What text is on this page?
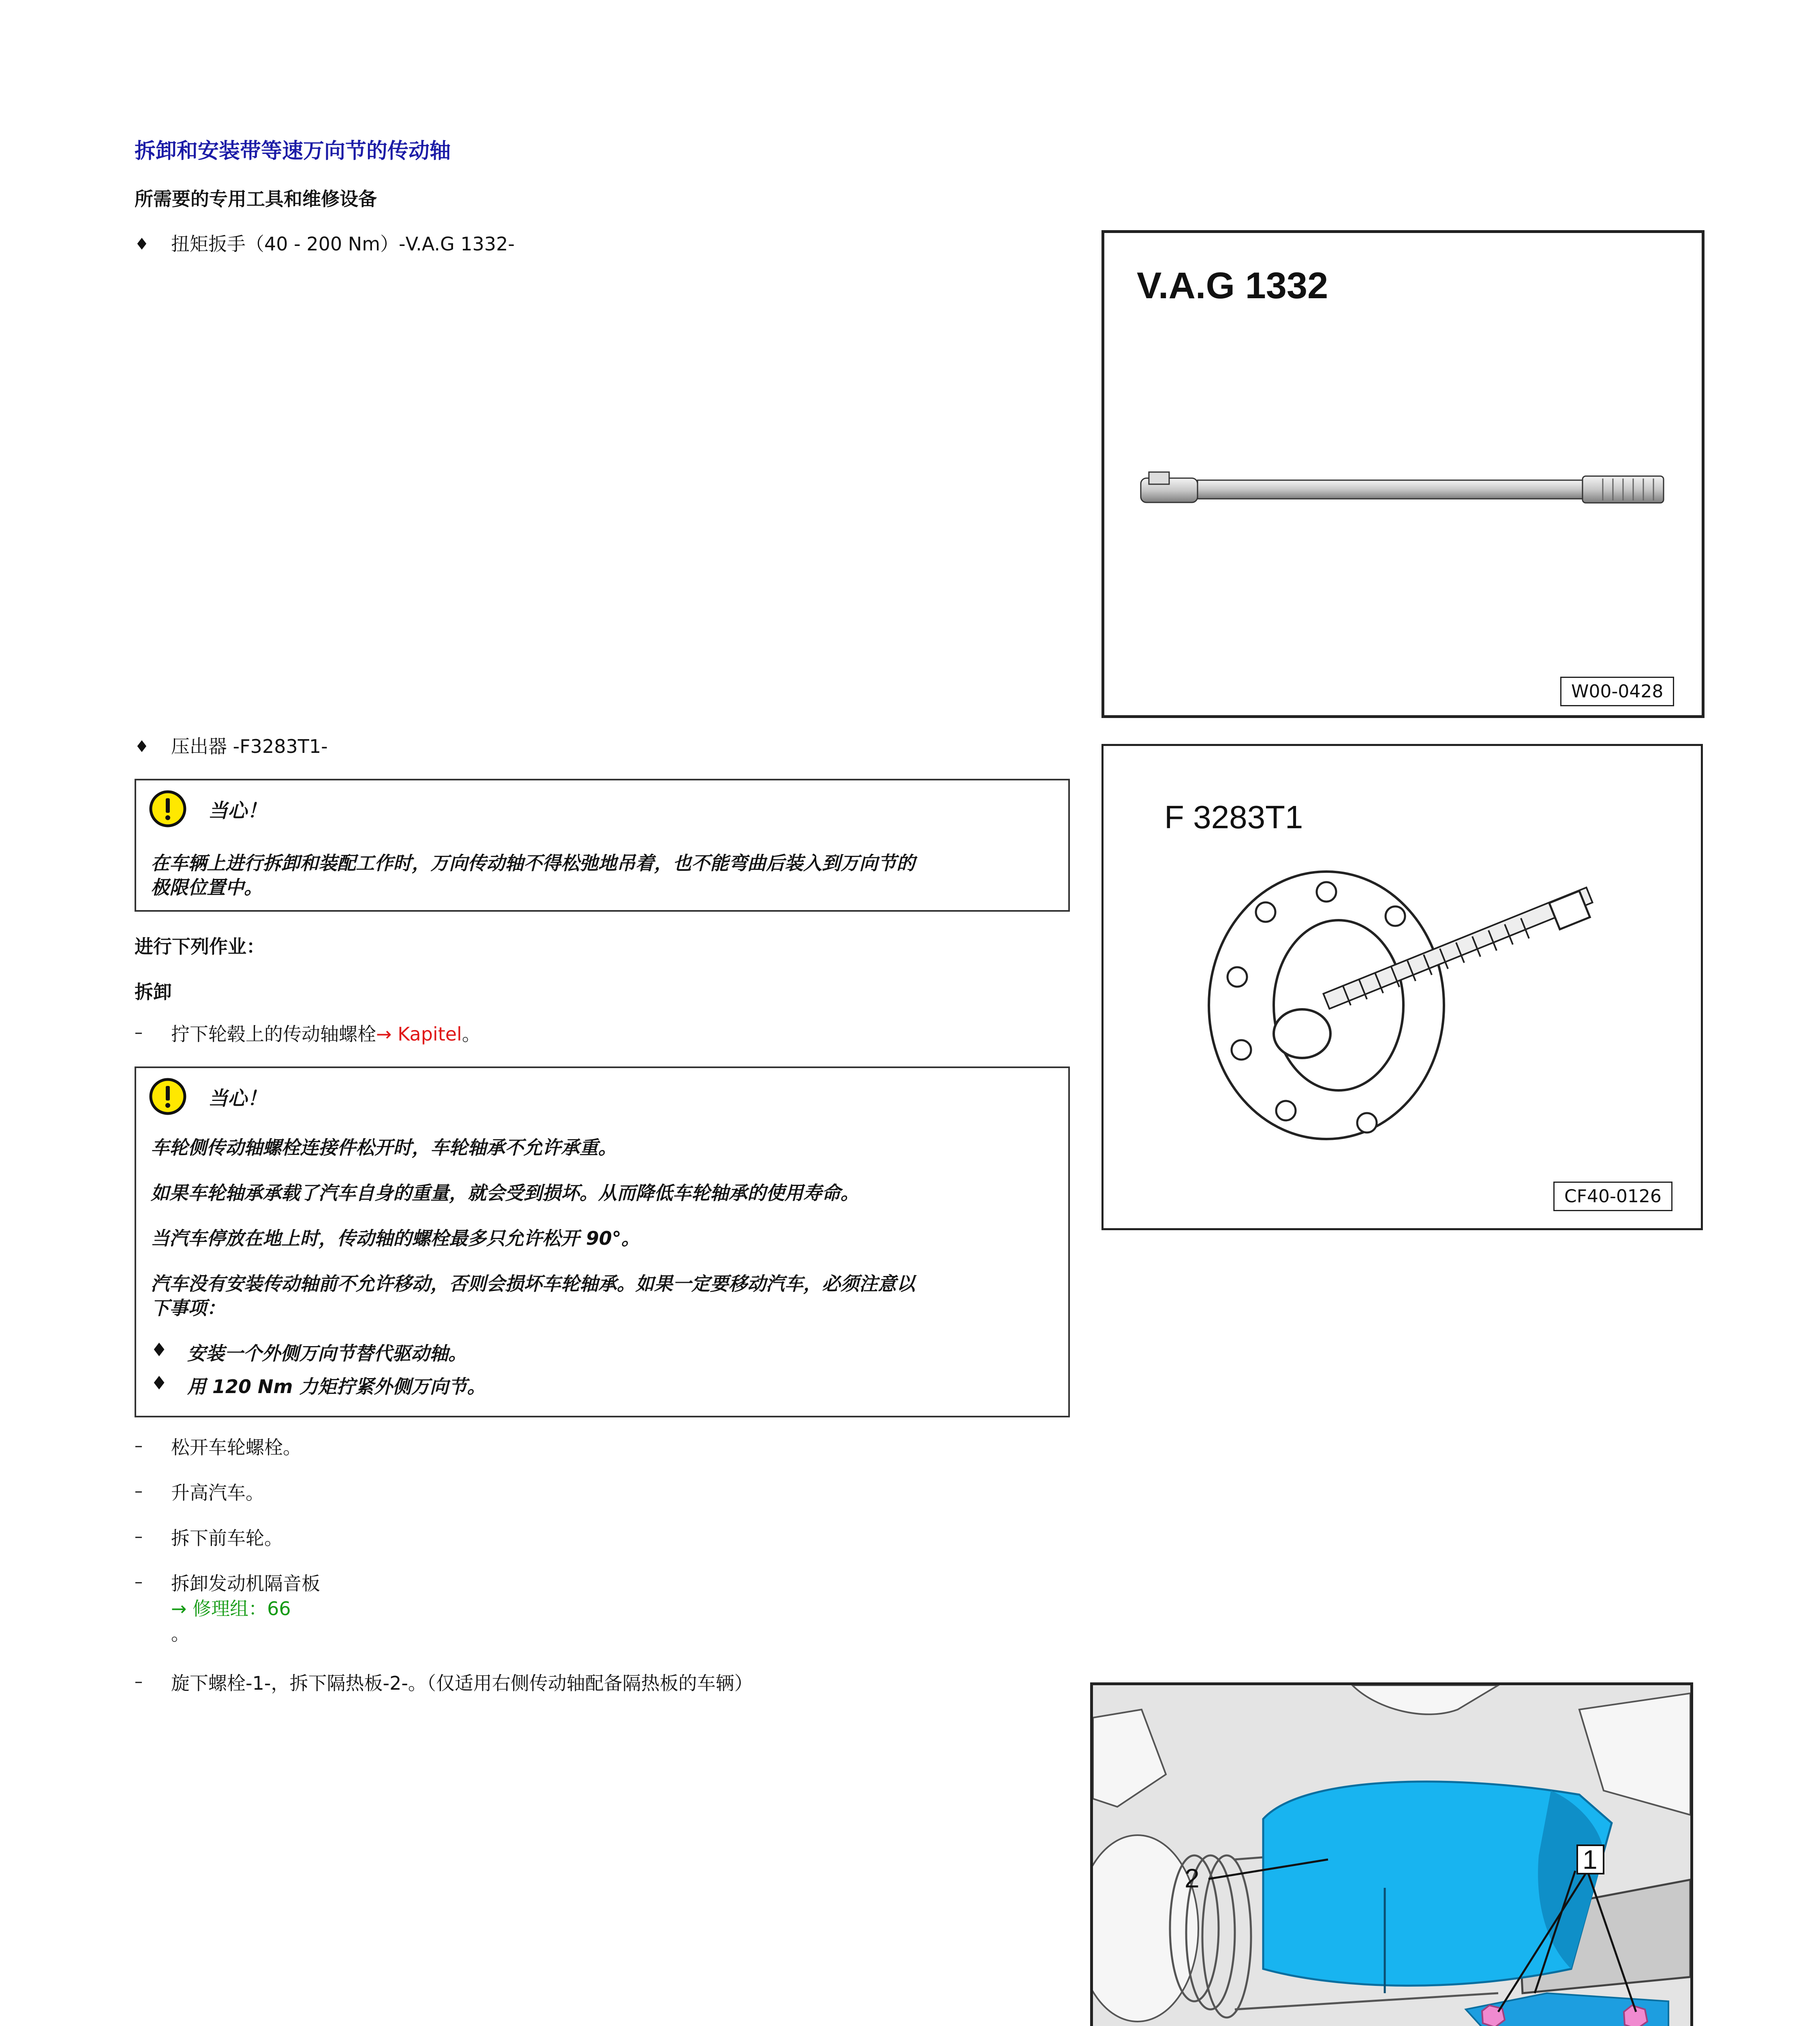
拆卸和安装带等速万向节的传动轴
所需要的专用工具和维修设备
♦ 扭矩扳手（40 - 200 Nm）-V.A.G 1332-
V.A.G 1332
W00-0428
♦ 压出器 -F3283T1-
F 3283T1
CF40-0126
当心！
在车辆上进行拆卸和装配工作时，万向传动轴不得松弛地吊着，也不能弯曲后装入到万向节的
极限位置中。
进行下列作业：
拆卸
– 拧下轮毂上的传动轴螺栓→ Kapitel。
当心！
车轮侧传动轴螺栓连接件松开时，车轮轴承不允许承重。
如果车轮轴承承载了汽车自身的重量，就会受到损坏。从而降低车轮轴承的使用寿命。
当汽车停放在地上时，传动轴的螺栓最多只允许松开 90°。
汽车没有安装传动轴前不允许移动，否则会损坏车轮轴承。如果一定要移动汽车，必须注意以
下事项：
♦ 安装一个外侧万向节替代驱动轴。
♦ 用 120 Nm 力矩拧紧外侧万向节。
– 松开车轮螺栓。
– 升高汽车。
– 拆下前车轮。
– 拆卸发动机隔音板
→ 修理组：66
。
– 旋下螺栓-1-，拆下隔热板-2-。（仅适用右侧传动轴配备隔热板的车辆）
1
2
